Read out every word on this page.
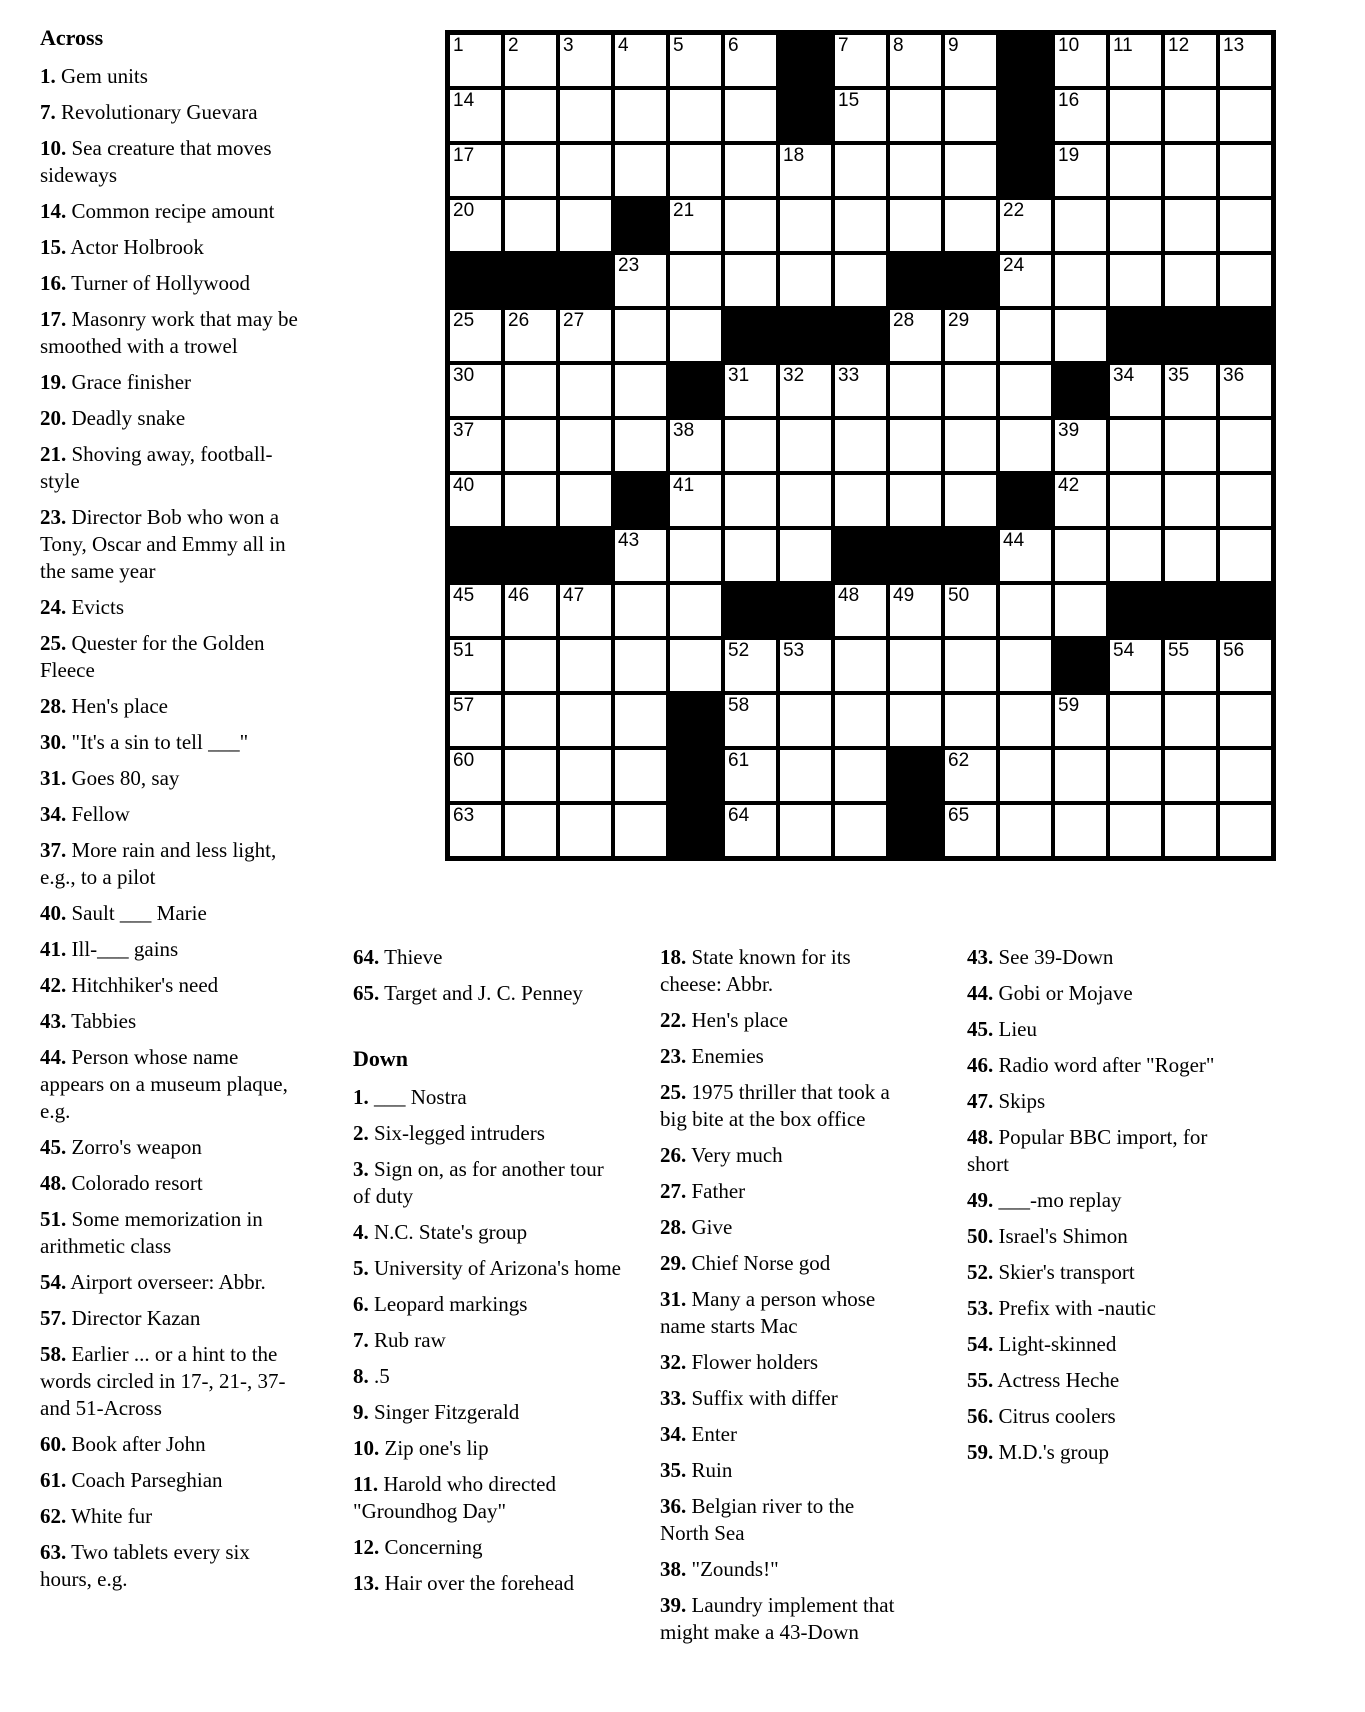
Across

1. Gem units

7. Revolutionary Guevara

10. Sea creature that moves sideways

14. Common recipe amount

15. Actor Holbrook

16. Turner of Hollywood

17. Masonry work that may be smoothed with a trowel

19. Grace finisher

20. Deadly snake

21. Shoving away, football-style

23. Director Bob who won a Tony, Oscar and Emmy all in the same year

24. Evicts

25. Quester for the Golden Fleece

28. Hen's place

30. "It's a sin to tell ___"

31. Goes 80, say

34. Fellow

37. More rain and less light, e.g., to a pilot

40. Sault ___ Marie

41. Ill-___ gains

42. Hitchhiker's need

43. Tabbies

44. Person whose name appears on a museum plaque, e.g.

45. Zorro's weapon

48. Colorado resort

51. Some memorization in arithmetic class

54. Airport overseer: Abbr.

57. Director Kazan

58. Earlier ... or a hint to the words circled in 17-, 21-, 37- and 51-Across

60. Book after John

61. Coach Parseghian

62. White fur

63. Two tablets every six hours, e.g.

1 2 3 4 5 6	7 8 9	10 11 12 13
14	15	16
17	18	19
20	21	22
23	24
25 26 27	28 29
30	31 32 33	34 35 36
37	38	39
40	41	42
43	44
45 46 47	48 49 50
51	52 53	54 55 56
57	58	59
60	61	62
63	64	65

64. Thieve

65. Target and J. C. Penney

Down

1. ___ Nostra

2. Six-legged intruders

3. Sign on, as for another tour of duty

4. N.C. State's group

5. University of Arizona's home

6. Leopard markings

7. Rub raw

8. .5

9. Singer Fitzgerald

10. Zip one's lip

11. Harold who directed "Groundhog Day"

12. Concerning

13. Hair over the forehead

18. State known for its cheese: Abbr.

22. Hen's place

23. Enemies

25. 1975 thriller that took a big bite at the box office

26. Very much

27. Father

28. Give

29. Chief Norse god

31. Many a person whose name starts Mac

32. Flower holders

33. Suffix with differ

34. Enter

35. Ruin

36. Belgian river to the North Sea

38. "Zounds!"

39. Laundry implement that might make a 43-Down

43. See 39-Down

44. Gobi or Mojave

45. Lieu

46. Radio word after "Roger"

47. Skips

48. Popular BBC import, for short

49. ___-mo replay

50. Israel's Shimon

52. Skier's transport

53. Prefix with -nautic

54. Light-skinned

55. Actress Heche

56. Citrus coolers

59. M.D.'s group
